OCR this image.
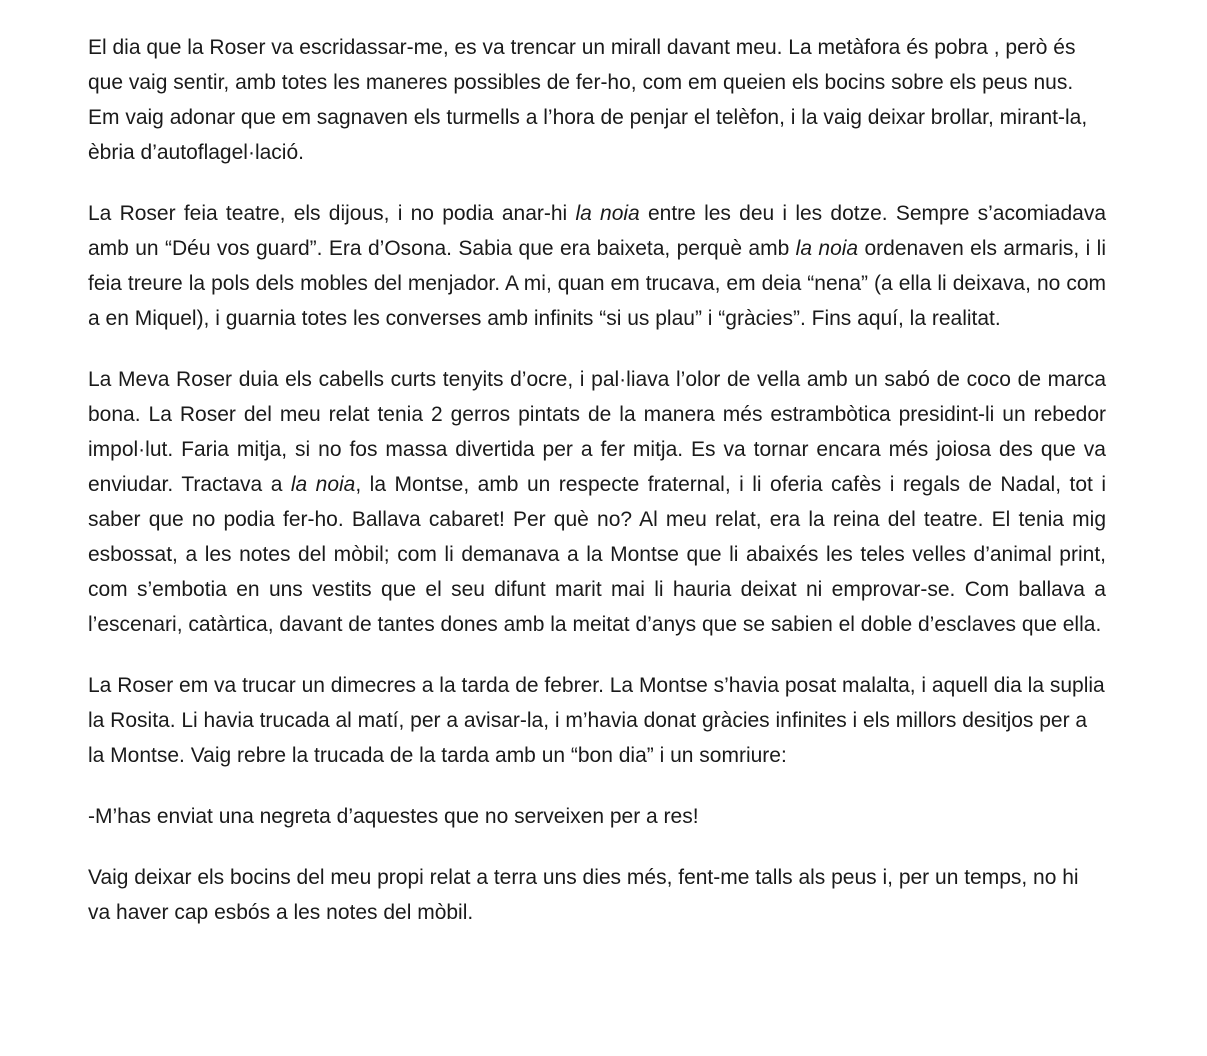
El dia que la Roser va escridassar-me, es va trencar un mirall davant meu. La metàfora és pobra , però és que vaig sentir, amb totes les maneres possibles de fer-ho, com em queien els bocins sobre els peus nus. Em vaig adonar que em sagnaven els turmells a l’hora de penjar el telèfon, i la vaig deixar brollar, mirant-la, èbria d’autoflagel·lació.

La Roser feia teatre, els dijous, i no podia anar-hi la noia entre les deu i les dotze. Sempre s’acomiadava amb un “Déu vos guard”. Era d’Osona. Sabia que era baixeta, perquè amb la noia ordenaven els armaris, i li feia treure la pols dels mobles del menjador. A mi, quan em trucava, em deia “nena” (a ella li deixava, no com a en Miquel), i guarnia totes les converses amb infinits “si us plau” i “gràcies”. Fins aquí, la realitat.

La Meva Roser duia els cabells curts tenyits d’ocre, i pal·liava l’olor de vella amb un sabó de coco de marca bona. La Roser del meu relat tenia 2 gerros pintats de la manera més estrambòtica presidint-li un rebedor impol·lut. Faria mitja, si no fos massa divertida per a fer mitja. Es va tornar encara més joiosa des que va enviudar. Tractava a la noia, la Montse, amb un respecte fraternal, i li oferia cafès i regals de Nadal, tot i saber que no podia fer-ho. Ballava cabaret! Per què no? Al meu relat, era la reina del teatre. El tenia mig esbossat, a les notes del mòbil; com li demanava a la Montse que li abaixés les teles velles d’animal print, com s’embotia en uns vestits que el seu difunt marit mai li hauria deixat ni emprovar-se. Com ballava a l’escenari, catàrtica, davant de tantes dones amb la meitat d’anys que se sabien el doble d’esclaves que ella.

La Roser em va trucar un dimecres a la tarda de febrer. La Montse s’havia posat malalta, i aquell dia la suplia la Rosita. Li havia trucada al matí, per a avisar-la, i m’havia donat gràcies infinites i els millors desitjos per a la Montse. Vaig rebre la trucada de la tarda amb un “bon dia” i un somriure:

-M’has enviat una negreta d’aquestes que no serveixen per a res!

Vaig deixar els bocins del meu propi relat a terra uns dies més, fent-me talls als peus i, per un temps, no hi va haver cap esbós a les notes del mòbil.
